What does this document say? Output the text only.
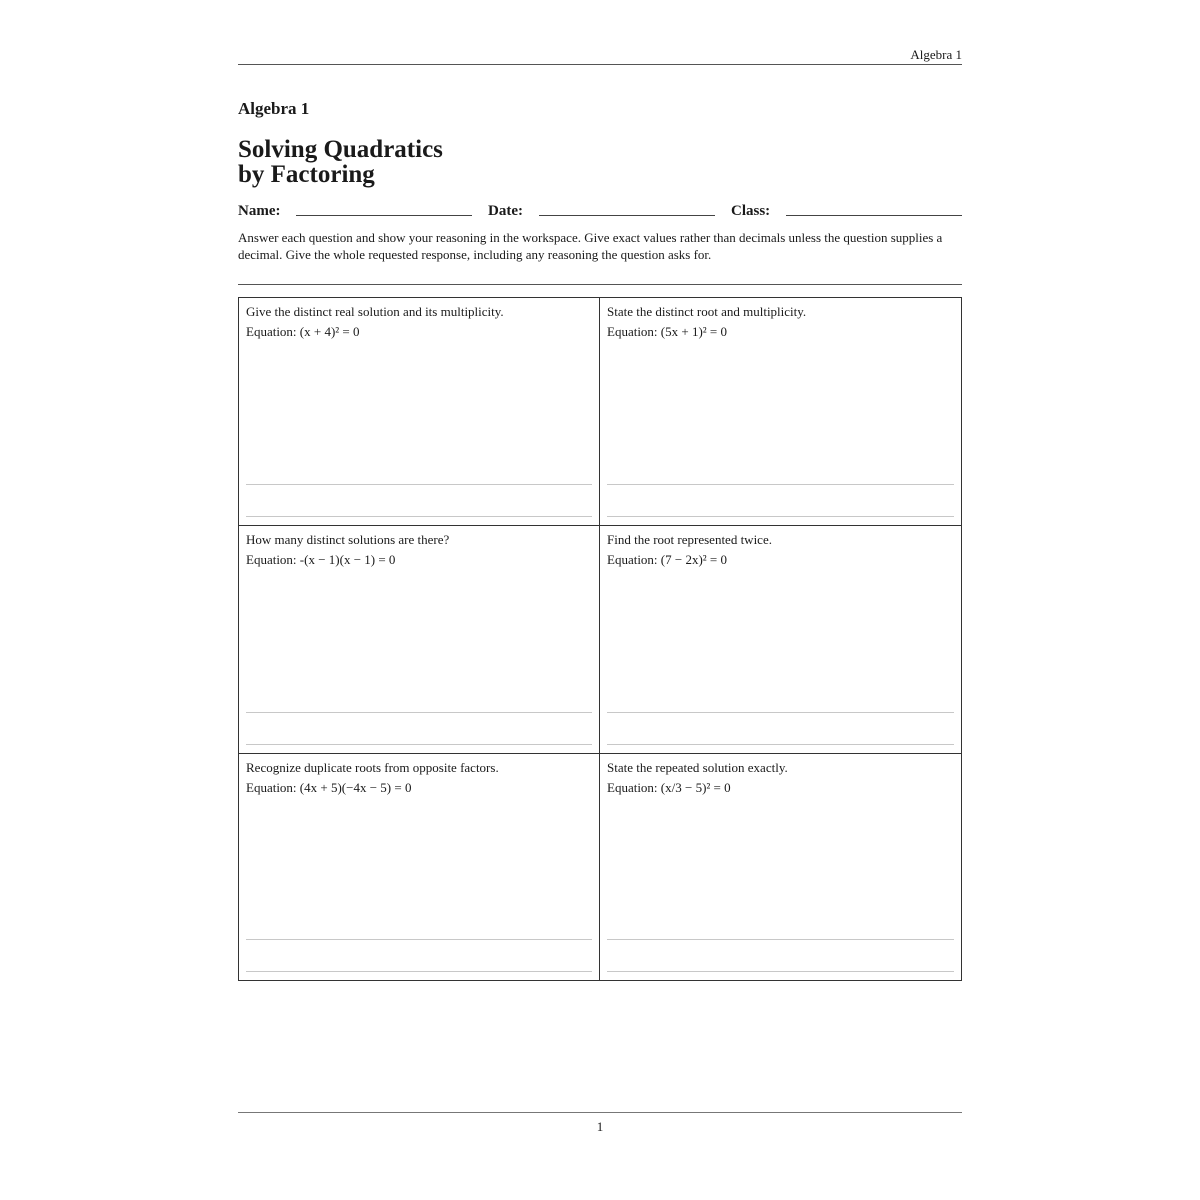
Algebra 1
Algebra 1
Solving Quadratics
by Factoring
Name:	Date:	Class:

Answer each question and show your reasoning in the workspace. Give exact values rather than decimals unless the question supplies a decimal. Give the whole requested response, including any reasoning the question asks for.

Give the distinct real solution and its multiplicity.
Equation: (x + 4)² = 0
State the distinct root and multiplicity.
Equation: (5x + 1)² = 0
How many distinct solutions are there?
Equation: -(x − 1)(x − 1) = 0
Find the root represented twice.
Equation: (7 − 2x)² = 0
Recognize duplicate roots from opposite factors.
Equation: (4x + 5)(−4x − 5) = 0
State the repeated solution exactly.
Equation: (x/3 − 5)² = 0
1
